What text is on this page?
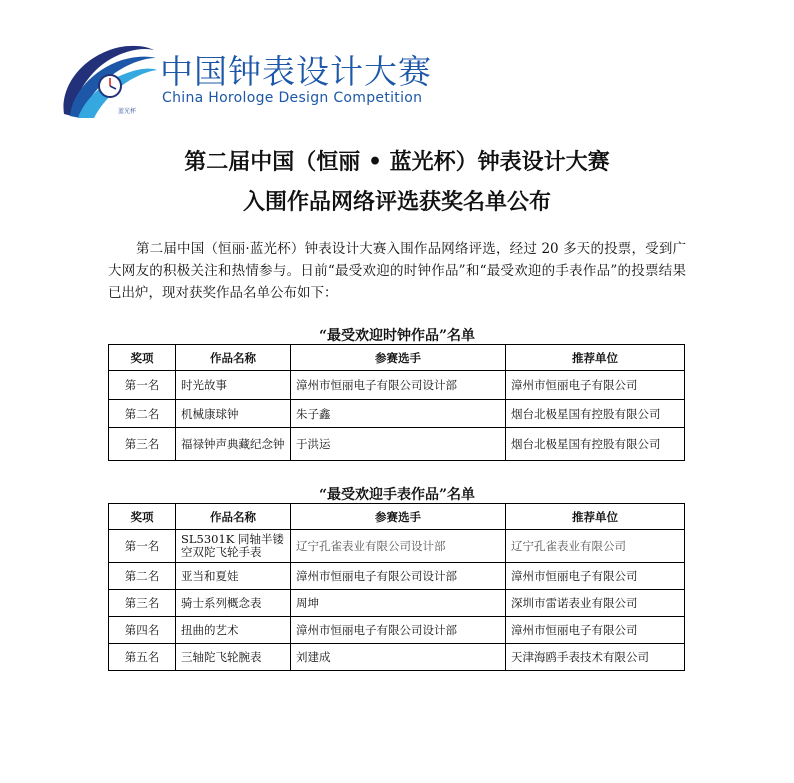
蓝光杯
中国钟表设计大赛
China Horologe Design Competition
第二届中国（恒丽 • 蓝光杯）钟表设计大赛
入围作品网络评选获奖名单公布

第二届中国（恒丽·蓝光杯）钟表设计大赛入围作品网络评选，经过 20 多天的投票，受到广大网友的积极关注和热情参与。日前“最受欢迎的时钟作品”和“最受欢迎的手表作品”的投票结果已出炉，现对获奖作品名单公布如下：

“最受欢迎时钟作品”名单
奖项	作品名称	参赛选手	推荐单位
第一名	时光故事	漳州市恒丽电子有限公司设计部	漳州市恒丽电子有限公司
第二名	机械康球钟	朱子鑫	烟台北极星国有控股有限公司
第三名	福禄钟声典藏纪念钟	于洪运	烟台北极星国有控股有限公司
“最受欢迎手表作品”名单
奖项	作品名称	参赛选手	推荐单位
第一名	SL5301K 同轴半镂空双陀飞轮手表	辽宁孔雀表业有限公司设计部	辽宁孔雀表业有限公司
第二名	亚当和夏娃	漳州市恒丽电子有限公司设计部	漳州市恒丽电子有限公司
第三名	骑士系列概念表	周坤	深圳市雷诺表业有限公司
第四名	扭曲的艺术	漳州市恒丽电子有限公司设计部	漳州市恒丽电子有限公司
第五名	三轴陀飞轮腕表	刘建成	天津海鸥手表技术有限公司
